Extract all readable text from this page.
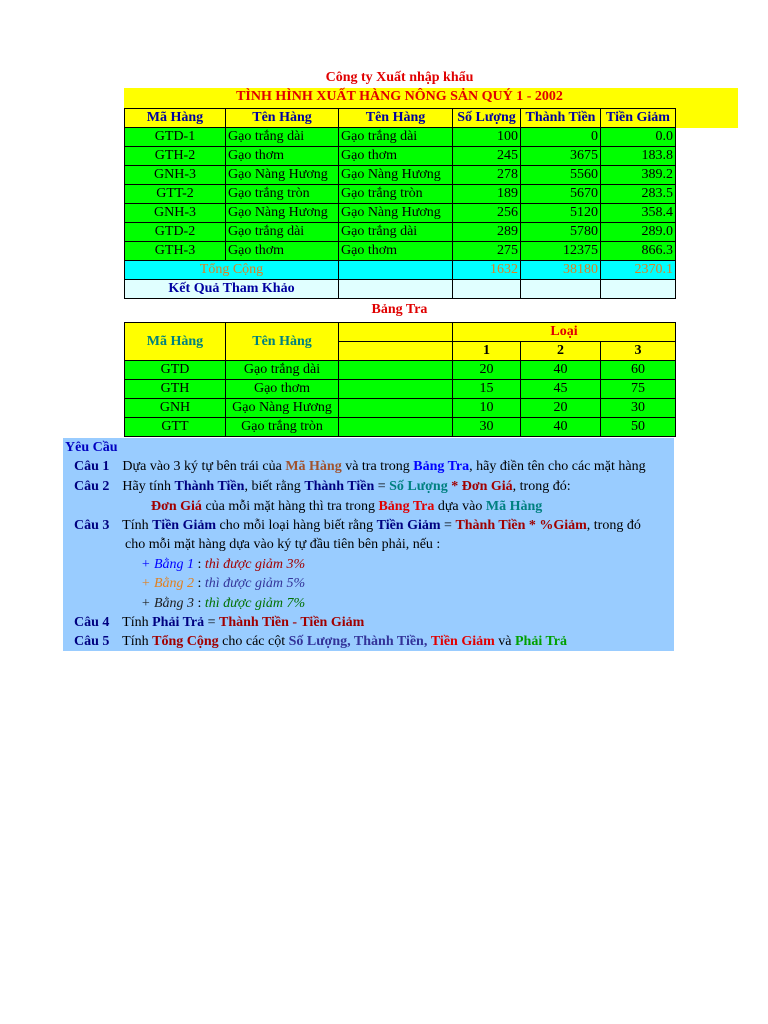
Công ty Xuất nhập khẩu
TÌNH HÌNH XUẤT HÀNG NÔNG SẢN QUÝ 1 - 2002
Mã Hàng	Tên Hàng	Tên Hàng	Số Lượng	Thành Tiền	Tiền Giảm
GTD-1	Gạo trắng dài	Gạo trắng dài	100	0	0.0
GTH-2	Gạo thơm	Gạo thơm	245	3675	183.8
GNH-3	Gạo Nàng Hương	Gạo Nàng Hương	278	5560	389.2
GTT-2	Gạo trắng tròn	Gạo trắng tròn	189	5670	283.5
GNH-3	Gạo Nàng Hương	Gạo Nàng Hương	256	5120	358.4
GTD-2	Gạo trắng dài	Gạo trắng dài	289	5780	289.0
GTH-3	Gạo thơm	Gạo thơm	275	12375	866.3
Tổng Cộng			1632	38180	2370.1
Kết Quả Tham Khảo					
Bảng Tra
Mã Hàng	Tên Hàng		Loại		
			1	2	3
GTD	Gạo trắng dài		20	40	60
GTH	Gạo thơm		15	45	75
GNH	Gạo Nàng Hương		10	20	30
GTT	Gạo trắng tròn		30	40	50
Yêu Cầu
Câu 1 Dựa vào 3 ký tự bên trái của Mã Hàng và tra trong Bảng Tra, hãy điền tên cho các mặt hàng
Câu 2 Hãy tính Thành Tiền, biết rằng Thành Tiền = Số Lượng * Đơn Giá, trong đó:
Đơn Giá của mỗi mặt hàng thì tra trong Bảng Tra dựa vào Mã Hàng
Câu 3 Tính Tiền Giảm cho mỗi loại hàng biết rằng Tiền Giảm = Thành Tiền * %Giảm, trong đó
cho mỗi mặt hàng dựa vào ký tự đầu tiên bên phải, nếu :
+ Bằng 1 : thì được giảm 3%
+ Bằng 2 : thì được giảm 5%
+ Bằng 3 : thì được giảm 7%
Câu 4 Tính Phải Trả = Thành Tiền - Tiền Giảm
Câu 5 Tính Tổng Cộng cho các cột Số Lượng, Thành Tiền, Tiền Giảm và Phải Trả
